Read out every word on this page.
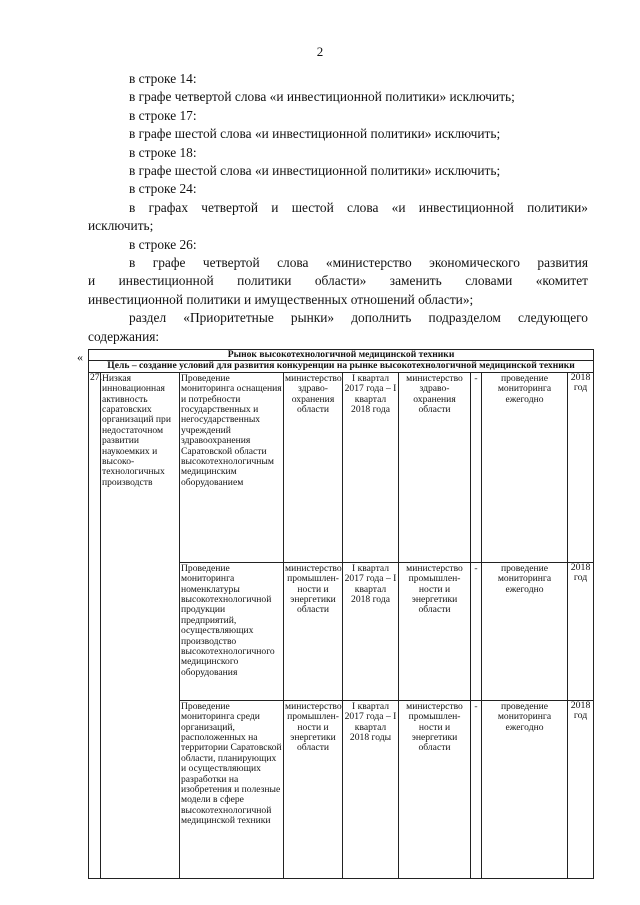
2

в строке 14:

в графе четвертой слова «и инвестиционной политики» исключить;

в строке 17:

в графе шестой слова «и инвестиционной политики» исключить;

в строке 18:

в графе шестой слова «и инвестиционной политики» исключить;

в строке 24:

в графах четвертой и шестой слова «и инвестиционной политики»

исключить;

в строке 26:

в графе четвертой слова «министерство экономического развития

и инвестиционной политики области» заменить словами «комитет

инвестиционной политики и имущественных отношений области»;

раздел «Приоритетные рынки» дополнить подразделом следующего

содержания:

«	Рынок высокотехнологичной медицинской техники								
Цель – создание условий для развития конкуренции на рынке высокотехнологичной медицинской техники								
27.	Низкая инновационная активность саратовских организаций при недостаточном развитии наукоемких и высоко-технологичных производств	Проведение мониторинга оснащения и потребности государственных и негосударственных учреждений здравоохранения Саратовской области высокотехнологичным медицинским оборудованием	министерство здраво-охранения области	I квартал 2017 года – I квартал 2018 года	министерство здраво-охранения области	-	проведение мониторинга ежегодно	2018 год
		Проведение мониторинга номенклатуры высокотехнологичной продукции предприятий, осуществляющих производство высокотехнологичного медицинского оборудования	министерство промышлен-ности и энергетики области	I квартал 2017 года – I квартал 2018 года	министерство промышлен-ности и энергетики области	-	проведение мониторинга ежегодно	2018 год
		Проведение мониторинга среди организаций, расположенных на территории Саратовской области, планирующих и осуществляющих разработки на изобретения и полезные модели в сфере высокотехнологичной медицинской техники	министерство промышлен-ности и энергетики области	I квартал 2017 года – I квартал 2018 годы	министерство промышлен-ности и энергетики области	-	проведение мониторинга ежегодно	2018 год
